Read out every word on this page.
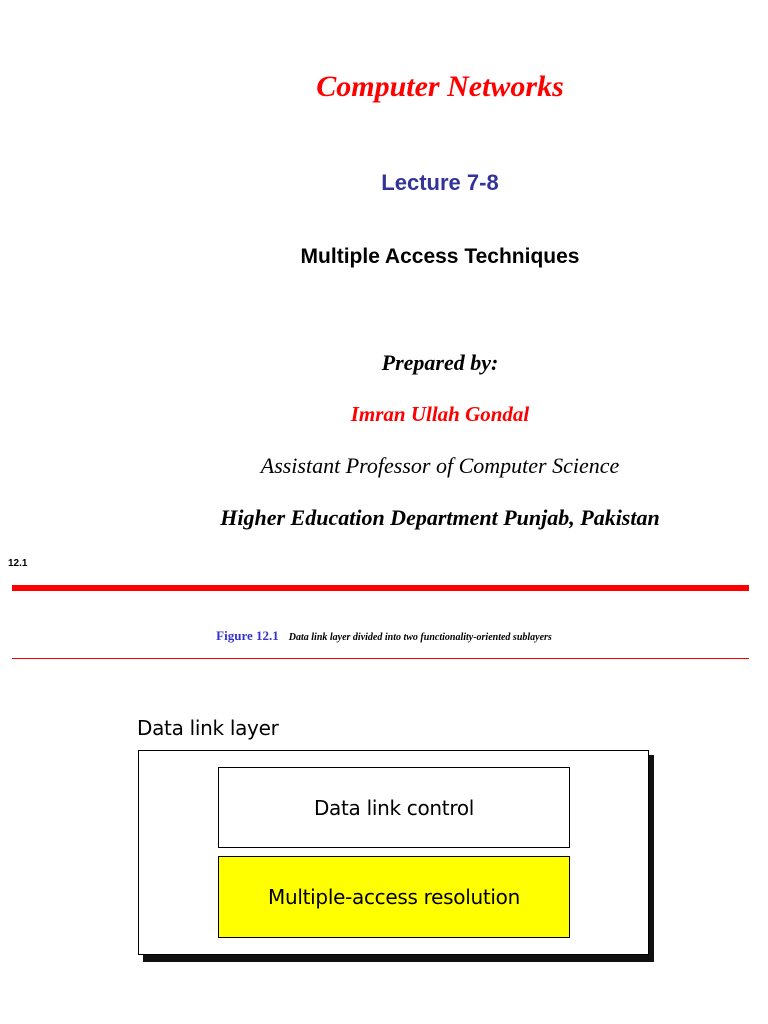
Computer Networks
Lecture 7-8
Multiple Access Techniques
Prepared by:
Imran Ullah Gondal
Assistant Professor of Computer Science
Higher Education Department Punjab, Pakistan
12.1
Figure 12.1 Data link layer divided into two functionality-oriented sublayers
Data link layer
Data link control
Multiple-access resolution
